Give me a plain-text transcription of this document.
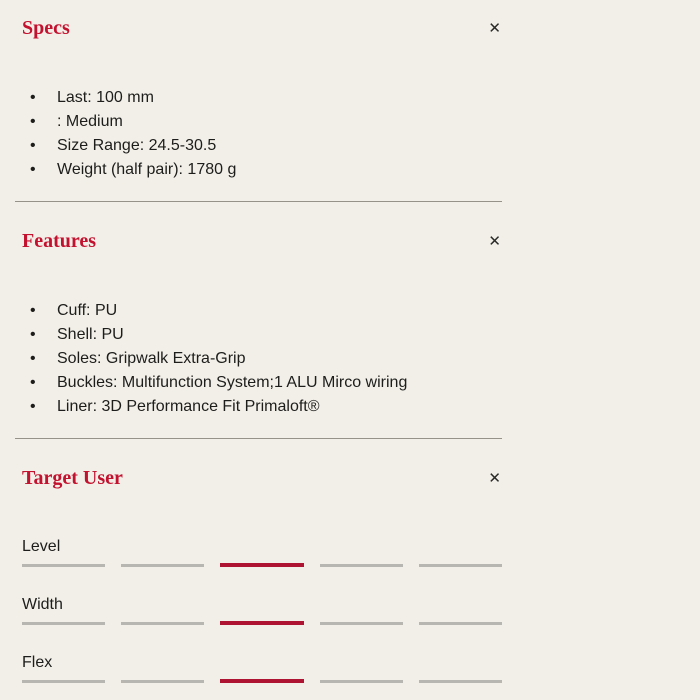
Specs	✕
• Last: 100 mm
• : Medium
• Size Range: 24.5-30.5
• Weight (half pair): 1780 g
Features	✕
• Cuff: PU
• Shell: PU
• Soles: Gripwalk Extra-Grip
• Buckles: Multifunction System;1 ALU Mirco wiring
• Liner: 3D Performance Fit Primaloft®
Target User	✕
Level
Width
Flex
